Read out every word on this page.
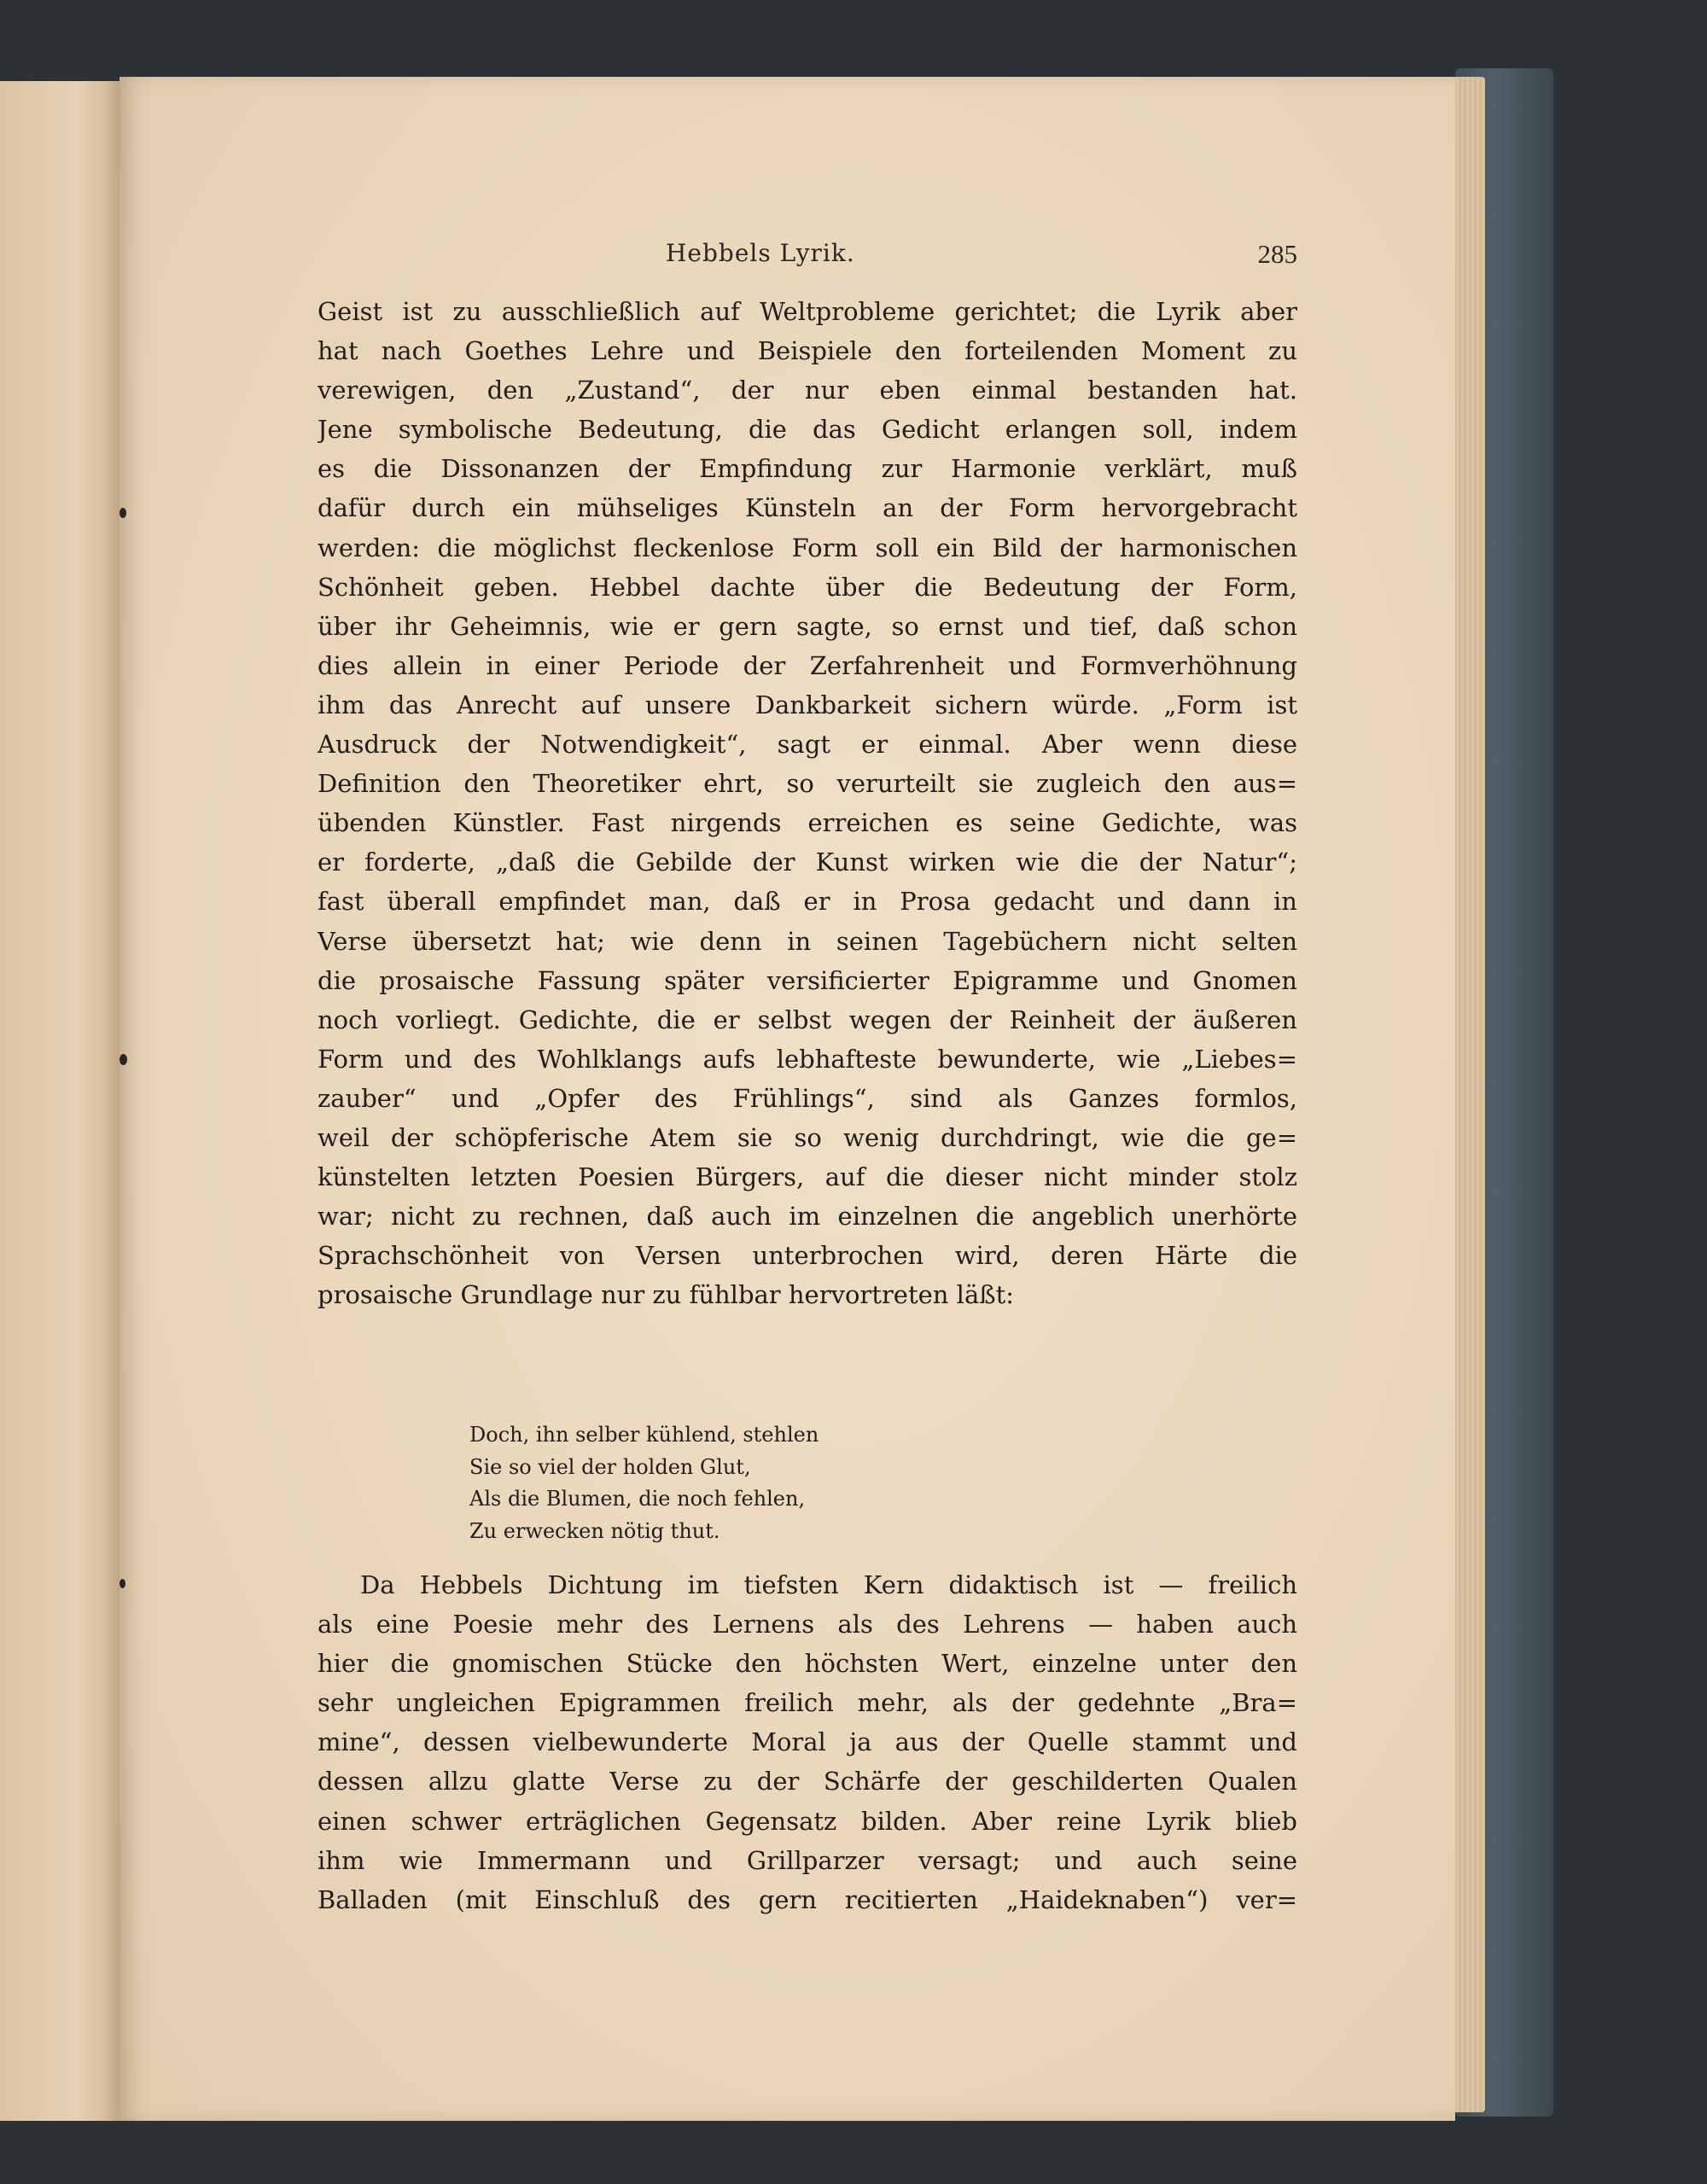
Hebbels Lyrik.	285
Geist ist zu ausschließlich auf Weltprobleme gerichtet; die Lyrik aber
hat nach Goethes Lehre und Beispiele den forteilenden Moment zu
verewigen, den „Zustand“, der nur eben einmal bestanden hat.
Jene symbolische Bedeutung, die das Gedicht erlangen soll, indem
es die Dissonanzen der Empfindung zur Harmonie verklärt, muß
dafür durch ein mühseliges Künsteln an der Form hervorgebracht
werden: die möglichst fleckenlose Form soll ein Bild der harmonischen
Schönheit geben. Hebbel dachte über die Bedeutung der Form,
über ihr Geheimnis, wie er gern sagte, so ernst und tief, daß schon
dies allein in einer Periode der Zerfahrenheit und Formverhöhnung
ihm das Anrecht auf unsere Dankbarkeit sichern würde. „Form ist
Ausdruck der Notwendigkeit“, sagt er einmal. Aber wenn diese
Definition den Theoretiker ehrt, so verurteilt sie zugleich den aus=
übenden Künstler. Fast nirgends erreichen es seine Gedichte, was
er forderte, „daß die Gebilde der Kunst wirken wie die der Natur“;
fast überall empfindet man, daß er in Prosa gedacht und dann in
Verse übersetzt hat; wie denn in seinen Tagebüchern nicht selten
die prosaische Fassung später versificierter Epigramme und Gnomen
noch vorliegt. Gedichte, die er selbst wegen der Reinheit der äußeren
Form und des Wohlklangs aufs lebhafteste bewunderte, wie „Liebes=
zauber“ und „Opfer des Frühlings“, sind als Ganzes formlos,
weil der schöpferische Atem sie so wenig durchdringt, wie die ge=
künstelten letzten Poesien Bürgers, auf die dieser nicht minder stolz
war; nicht zu rechnen, daß auch im einzelnen die angeblich unerhörte
Sprachschönheit von Versen unterbrochen wird, deren Härte die
prosaische Grundlage nur zu fühlbar hervortreten läßt:
Doch, ihn selber kühlend, stehlen
Sie so viel der holden Glut,
Als die Blumen, die noch fehlen,
Zu erwecken nötig thut.
Da Hebbels Dichtung im tiefsten Kern didaktisch ist — freilich
als eine Poesie mehr des Lernens als des Lehrens — haben auch
hier die gnomischen Stücke den höchsten Wert, einzelne unter den
sehr ungleichen Epigrammen freilich mehr, als der gedehnte „Bra=
mine“, dessen vielbewunderte Moral ja aus der Quelle stammt und
dessen allzu glatte Verse zu der Schärfe der geschilderten Qualen
einen schwer erträglichen Gegensatz bilden. Aber reine Lyrik blieb
ihm wie Immermann und Grillparzer versagt; und auch seine
Balladen (mit Einschluß des gern recitierten „Haideknaben“) ver=
